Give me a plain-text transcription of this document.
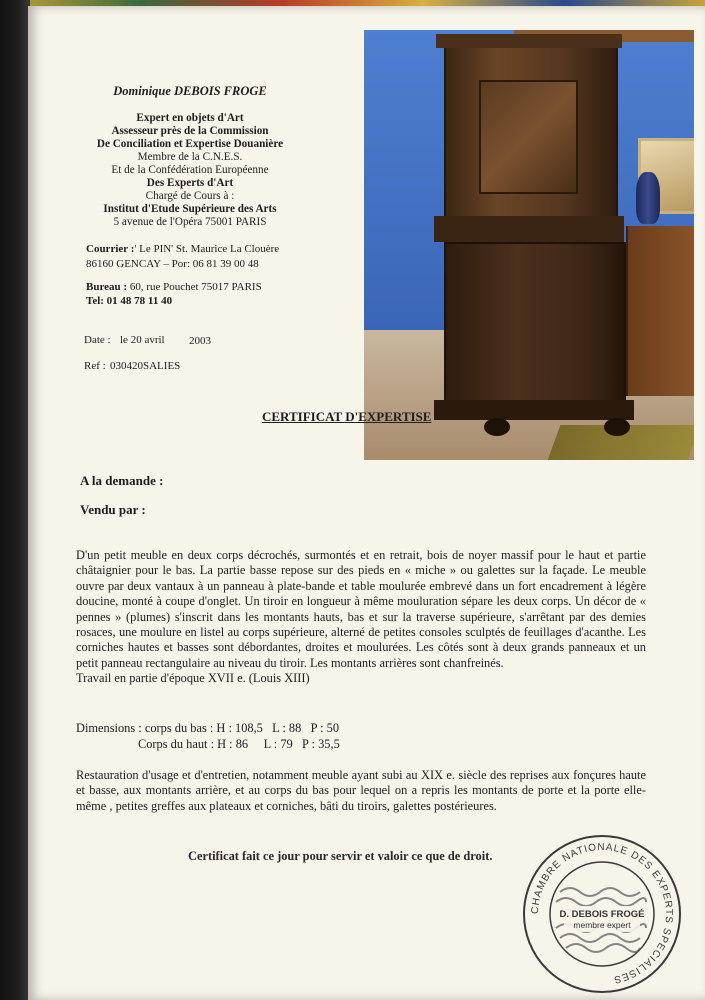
Dominique DEBOIS FROGE
Expert en objets d'Art
Assesseur près de la Commission
De Conciliation et Expertise Douanière
Membre de la C.N.E.S.
Et de la Confédération Européenne
Des Experts d'Art
Chargé de Cours à :
Institut d'Etude Supérieure des Arts
5 avenue de l'Opéra 75001 PARIS
Courrier :' Le PIN' St. Maurice La Clouère
86160 GENCAY – Por: 06 81 39 00 48
Bureau : 60, rue Pouchet 75017 PARIS
Tel: 01 48 78 11 40
Date : le 20 avril 2003
Ref : 030420SALIES
CERTIFICAT D'EXPERTISE
A la demande :
Vendu par :

D'un petit meuble en deux corps décrochés, surmontés et en retrait, bois de noyer massif pour le haut et partie châtaignier pour le bas. La partie basse repose sur des pieds en « miche » ou galettes sur la façade. Le meuble ouvre par deux vantaux à un panneau à plate-bande et table moulurée embrevé dans un fort encadrement à légère doucine, monté à coupe d'onglet. Un tiroir en longueur à même mouluration sépare les deux corps. Un décor de « pennes » (plumes) s'inscrit dans les montants hauts, bas et sur la traverse supérieure, s'arrêtant par des demies rosaces, une moulure en listel au corps supérieure, alterné de petites consoles sculptés de feuillages d'acanthe. Les corniches hautes et basses sont débordantes, droites et moulurées. Les côtés sont à deux grands panneaux et un petit panneau rectangulaire au niveau du tiroir. Les montants arrières sont chanfreinés.

Travail en partie d'époque XVII e. (Louis XIII)

Dimensions : corps du bas : H : 108,5   L : 88   P : 50
Corps du haut : H : 86     L : 79   P : 35,5

Restauration d'usage et d'entretien, notamment meuble ayant subi au XIX e. siècle des reprises aux fonçures haute et basse, aux montants arrière, et au corps du bas pour lequel on a repris les montants de porte et la porte elle-même , petites greffes aux plateaux et corniches, bâti du tiroirs, galettes postérieures.

Certificat fait ce jour pour servir et valoir ce que de droit.
CHAMBRE NATIONALE DES EXPERTS SPECIALISES
D. DEBOIS FROGÉ
membre expert
